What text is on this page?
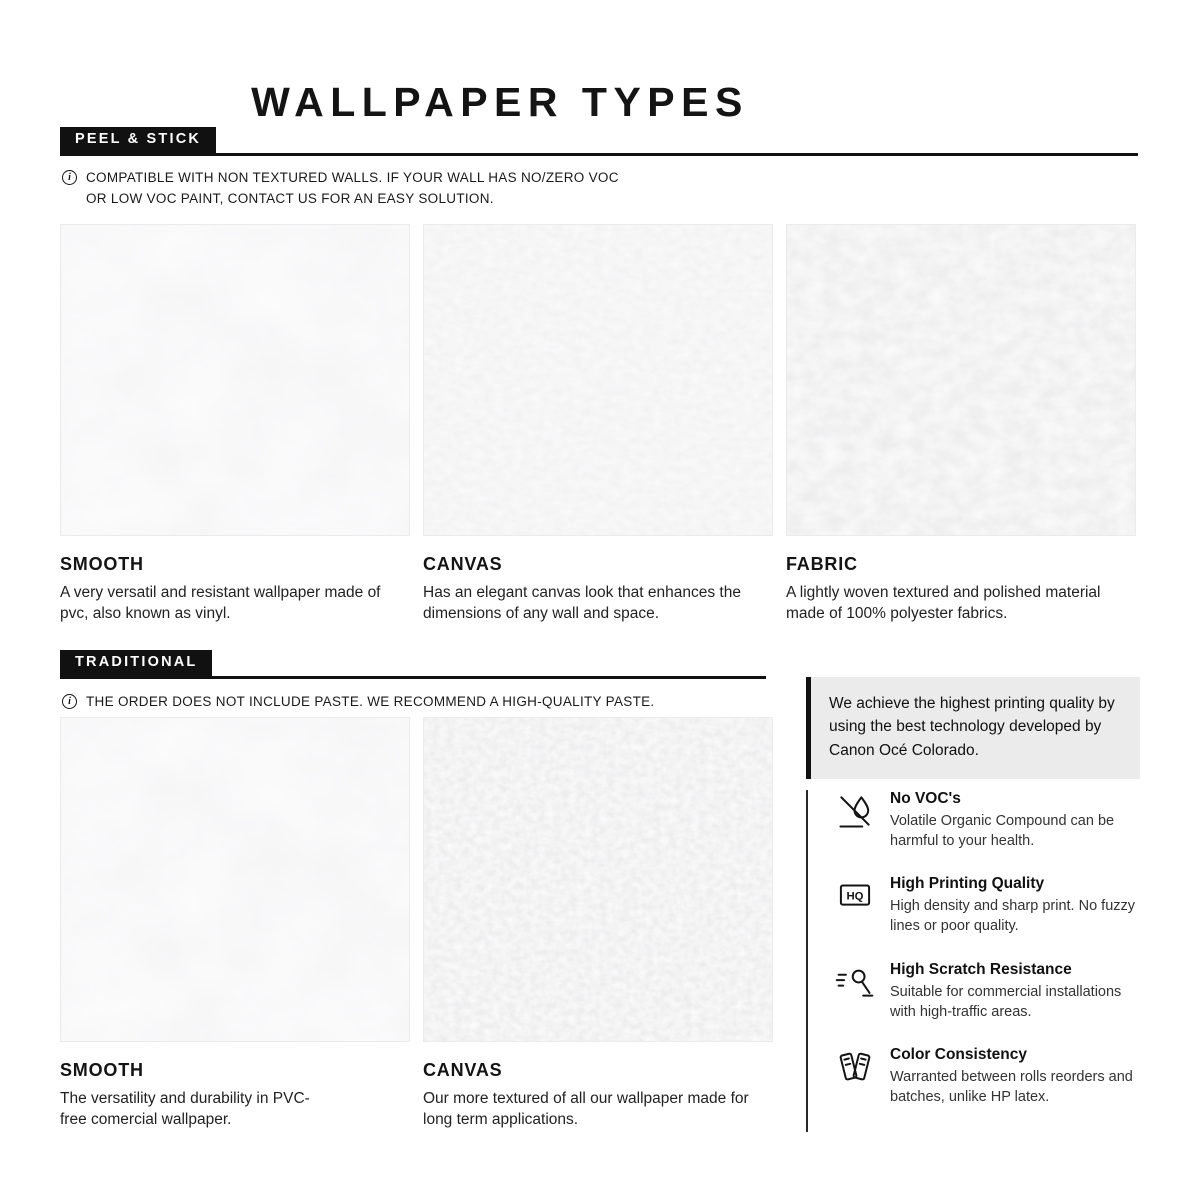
WALLPAPER TYPES
PEEL & STICK
i	COMPATIBLE WITH NON TEXTURED WALLS. IF YOUR WALL HAS NO/ZERO VOC OR LOW VOC PAINT, CONTACT US FOR AN EASY SOLUTION.
SMOOTH

A very versatil and resistant wallpaper made of pvc, also known as vinyl.

CANVAS

Has an elegant canvas look that enhances the dimensions of any wall and space.

FABRIC

A lightly woven textured and polished material made of 100% polyester fabrics.

TRADITIONAL
i	THE ORDER DOES NOT INCLUDE PASTE. WE RECOMMEND A HIGH-QUALITY PASTE.
SMOOTH

The versatility and durability in PVC-free comercial wallpaper.

CANVAS

Our more textured of all our wallpaper made for long term applications.

We achieve the highest printing quality by using the best technology developed by Canon Océ Colorado.
No VOC's
Volatile Organic Compound can be harmful to your health.
HQ
High Printing Quality
High density and sharp print. No fuzzy lines or poor quality.
High Scratch Resistance
Suitable for commercial installations with high-traffic areas.
Color Consistency
Warranted between rolls reorders and batches, unlike HP latex.
